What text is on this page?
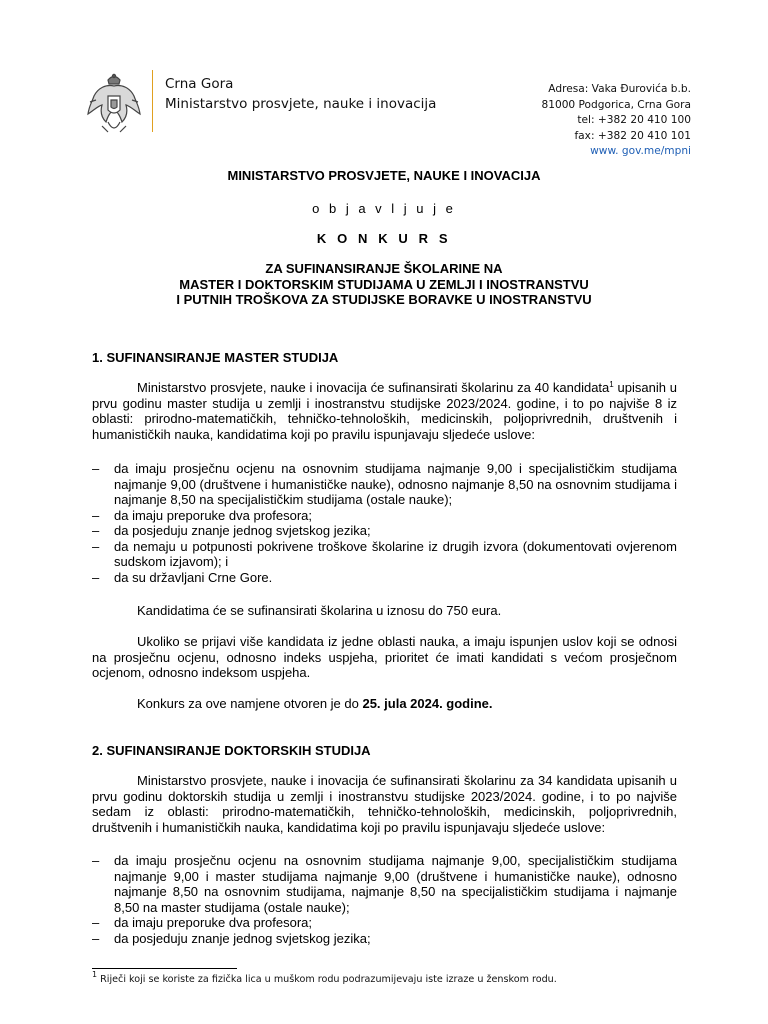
Crna Gora
Ministarstvo prosvjete, nauke i inovacija
Adresa: Vaka Đurovića b.b.
81000 Podgorica, Crna Gora
tel: +382 20 410 100
fax: +382 20 410 101
www. gov.me/mpni
MINISTARSTVO PROSVJETE, NAUKE I INOVACIJA
o b j a v l j u j e
K O N K U R S
ZA SUFINANSIRANJE ŠKOLARINE NA
MASTER I DOKTORSKIM STUDIJAMA U ZEMLJI I INOSTRANSTVU
I PUTNIH TROŠKOVA ZA STUDIJSKE BORAVKE U INOSTRANSTVU
1. SUFINANSIRANJE MASTER STUDIJA
Ministarstvo prosvjete, nauke i inovacija će sufinansirati školarinu za 40 kandidata$^1$ upisanih u prvu godinu master studija u zemlji i inostranstvu studijske 2023/2024. godine, i to po najviše 8 iz oblasti: prirodno-matematičkih, tehničko-tehnoloških, medicinskih, poljoprivrednih, društvenih i humanističkih nauka, kandidatima koji po pravilu ispunjavaju sljedeće uslove:
– da imaju prosječnu ocjenu na osnovnim studijama najmanje 9,00 i specijalističkim studijama najmanje 9,00 (društvene i humanističke nauke), odnosno najmanje 8,50 na osnovnim studijama i najmanje 8,50 na specijalističkim studijama (ostale nauke);
– da imaju preporuke dva profesora;
– da posjeduju znanje jednog svjetskog jezika;
– da nemaju u potpunosti pokrivene troškove školarine iz drugih izvora (dokumentovati ovjerenom sudskom izjavom); i
– da su državljani Crne Gore.
Kandidatima će se sufinansirati školarina u iznosu do 750 eura.
Ukoliko se prijavi više kandidata iz jedne oblasti nauka, a imaju ispunjen uslov koji se odnosi na prosječnu ocjenu, odnosno indeks uspjeha, prioritet će imati kandidati s većom prosječnom ocjenom, odnosno indeksom uspjeha.
Konkurs za ove namjene otvoren je do 25. jula 2024. godine.
2. SUFINANSIRANJE DOKTORSKIH STUDIJA
Ministarstvo prosvjete, nauke i inovacija će sufinansirati školarinu za 34 kandidata upisanih u prvu godinu doktorskih studija u zemlji i inostranstvu studijske 2023/2024. godine, i to po najviše sedam iz oblasti: prirodno-matematičkih, tehničko-tehnoloških, medicinskih, poljoprivrednih, društvenih i humanističkih nauka, kandidatima koji po pravilu ispunjavaju sljedeće uslove:
– da imaju prosječnu ocjenu na osnovnim studijama najmanje 9,00, specijalističkim studijama najmanje 9,00 i master studijama najmanje 9,00 (društvene i humanističke nauke), odnosno najmanje 8,50 na osnovnim studijama, najmanje 8,50 na specijalističkim studijama i najmanje 8,50 na master studijama (ostale nauke);
– da imaju preporuke dva profesora;
– da posjeduju znanje jednog svjetskog jezika;
$^1$ Riječi koji se koriste za fizička lica u muškom rodu podrazumijevaju iste izraze u ženskom rodu.
